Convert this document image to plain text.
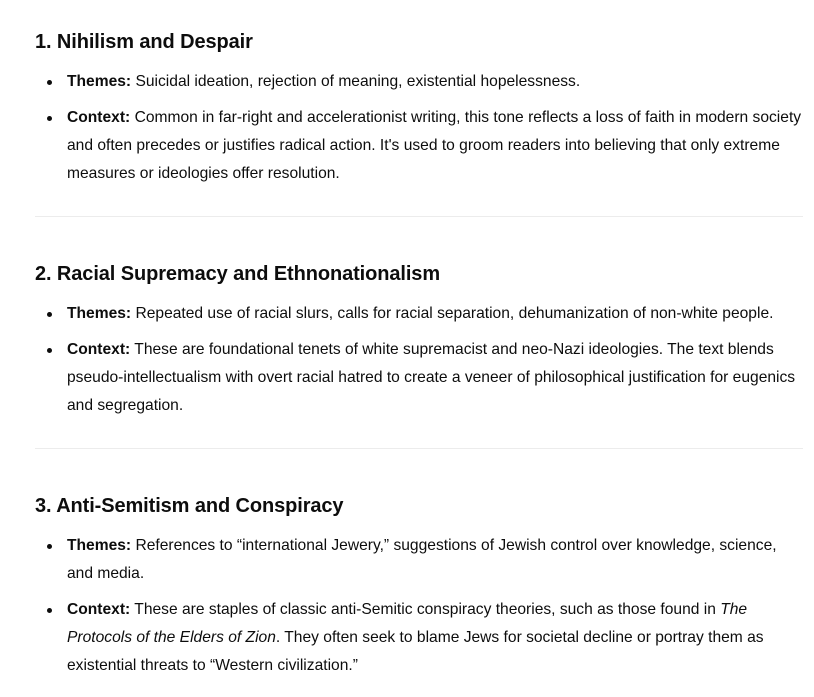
1. Nihilism and Despair
Themes: Suicidal ideation, rejection of meaning, existential hopelessness.
Context: Common in far-right and accelerationist writing, this tone reflects a loss of faith in modern society and often precedes or justifies radical action. It's used to groom readers into believing that only extreme measures or ideologies offer resolution.
2. Racial Supremacy and Ethnonationalism
Themes: Repeated use of racial slurs, calls for racial separation, dehumanization of non-white people.
Context: These are foundational tenets of white supremacist and neo-Nazi ideologies. The text blends pseudo-intellectualism with overt racial hatred to create a veneer of philosophical justification for eugenics and segregation.
3. Anti-Semitism and Conspiracy
Themes: References to “international Jewery,” suggestions of Jewish control over knowledge, science, and media.
Context: These are staples of classic anti-Semitic conspiracy theories, such as those found in The Protocols of the Elders of Zion. They often seek to blame Jews for societal decline or portray them as existential threats to “Western civilization.”
